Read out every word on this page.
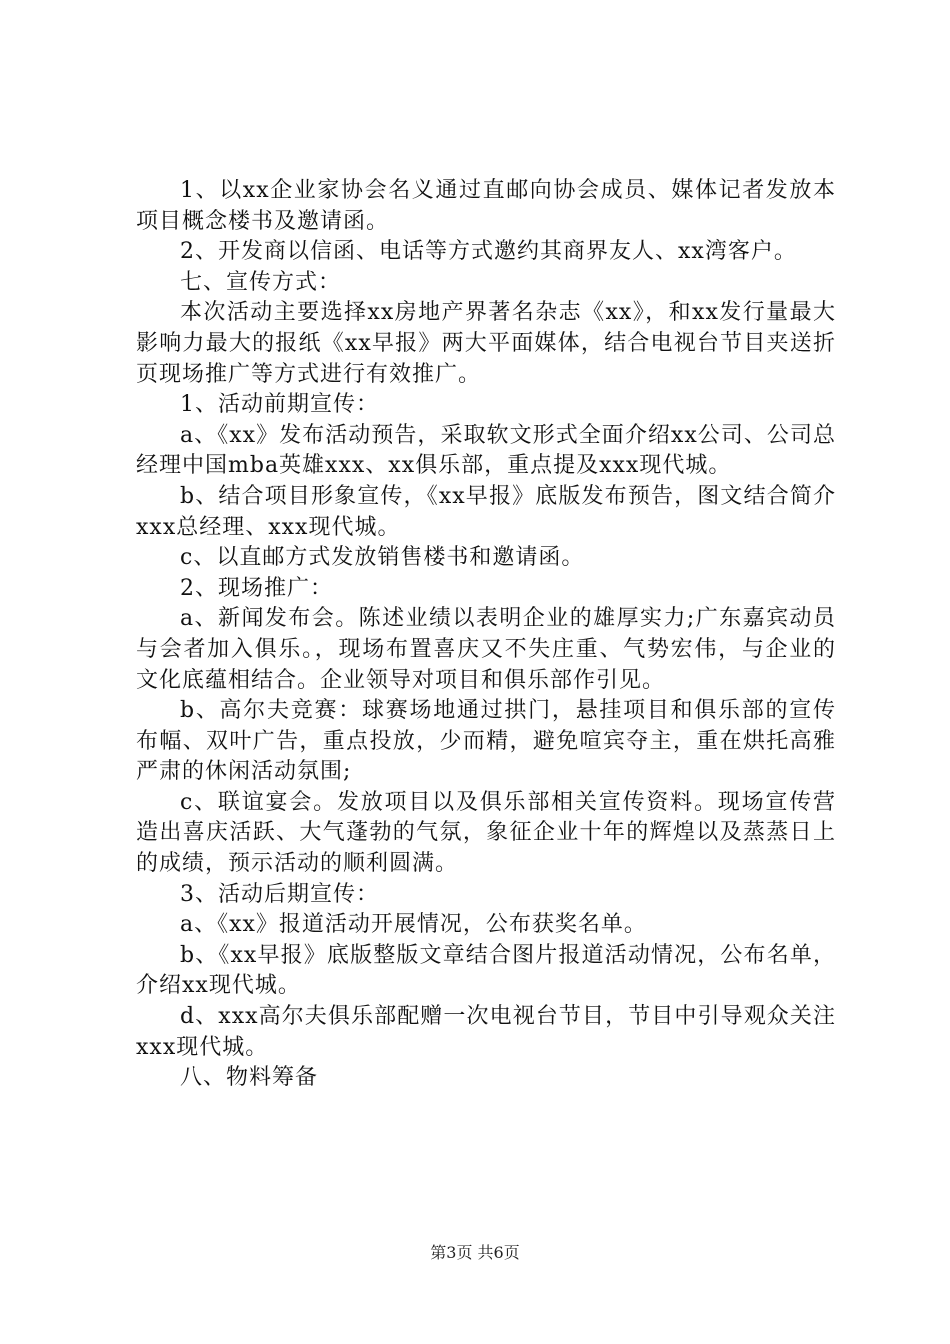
1、以xx企业家协会名义通过直邮向协会成员、媒体记者发放本项目概念楼书及邀请函。

2、开发商以信函、电话等方式邀约其商界友人、xx湾客户。

七、宣传方式：

本次活动主要选择xx房地产界著名杂志《xx》，和xx发行量最大影响力最大的报纸《xx早报》两大平面媒体，结合电视台节目夹送折页现场推广等方式进行有效推广。

1、活动前期宣传：

a、《xx》发布活动预告，采取软文形式全面介绍xx公司、公司总经理中国mba英雄xxx、xx俱乐部，重点提及xxx现代城。

b、结合项目形象宣传，《xx早报》底版发布预告，图文结合简介xxx总经理、xxx现代城。

c、以直邮方式发放销售楼书和邀请函。

2、现场推广：

a、新闻发布会。陈述业绩以表明企业的雄厚实力;广东嘉宾动员与会者加入俱乐。，现场布置喜庆又不失庄重、气势宏伟，与企业的文化底蕴相结合。企业领导对项目和俱乐部作引见。

b、高尔夫竞赛：球赛场地通过拱门，悬挂项目和俱乐部的宣传布幅、双叶广告，重点投放，少而精，避免喧宾夺主，重在烘托高雅严肃的休闲活动氛围;

c、联谊宴会。发放项目以及俱乐部相关宣传资料。现场宣传营造出喜庆活跃、大气蓬勃的气氛，象征企业十年的辉煌以及蒸蒸日上的成绩，预示活动的顺利圆满。

3、活动后期宣传：

a、《xx》报道活动开展情况，公布获奖名单。

b、《xx早报》底版整版文章结合图片报道活动情况，公布名单，介绍xx现代城。

d、xxx高尔夫俱乐部配赠一次电视台节目，节目中引导观众关注xxx现代城。

八、物料筹备

第3页 共6页
